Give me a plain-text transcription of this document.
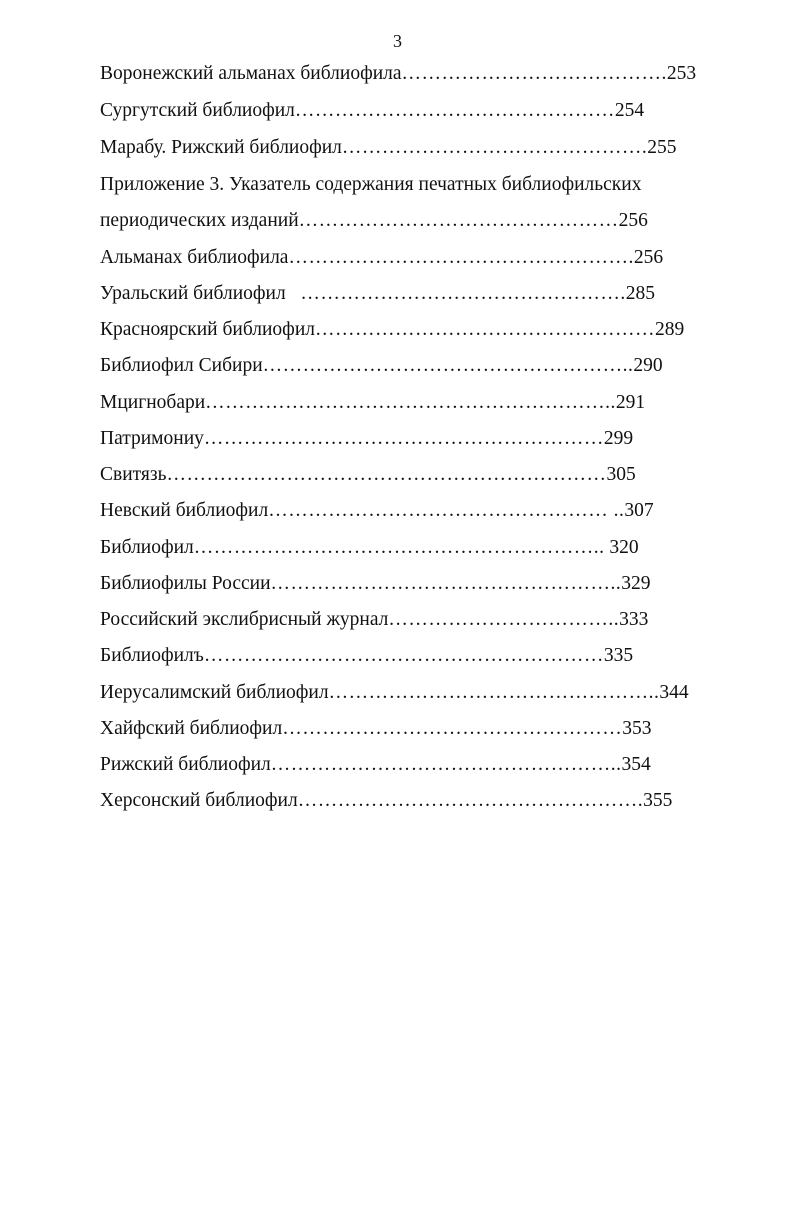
3
Воронежский альманах библиофила………………………………….253
Сургутский библиофил…………………………………………254
Марабу. Рижский библиофил……………………………………….255
Приложение 3. Указатель содержания печатных библиофильских
периодических изданий…………………………………………256
Альманах библиофила…………………………………………….256
Уральский библиофил   ………………………………………….285
Красноярский библиофил……………………………………………289
Библиофил Сибири………………………………………………..290
Мцигнобари……………………………………………………..291
Патримониу……………………………………………………299
Свитязь…………………………………………………………305
Невский библиофил…………………………………………… ..307
Библиофил…………………………………………………….. 320
Библиофилы России……………………………………………..329
Российский экслибрисный журнал……………………………..333
Библиофилъ……………………………………………………335
Иерусалимский библиофил…………………………………………..344
Хайфский библиофил……………………………………………353
Рижский библиофил……………………………………………..354
Херсонский библиофил…………………………………………….355
